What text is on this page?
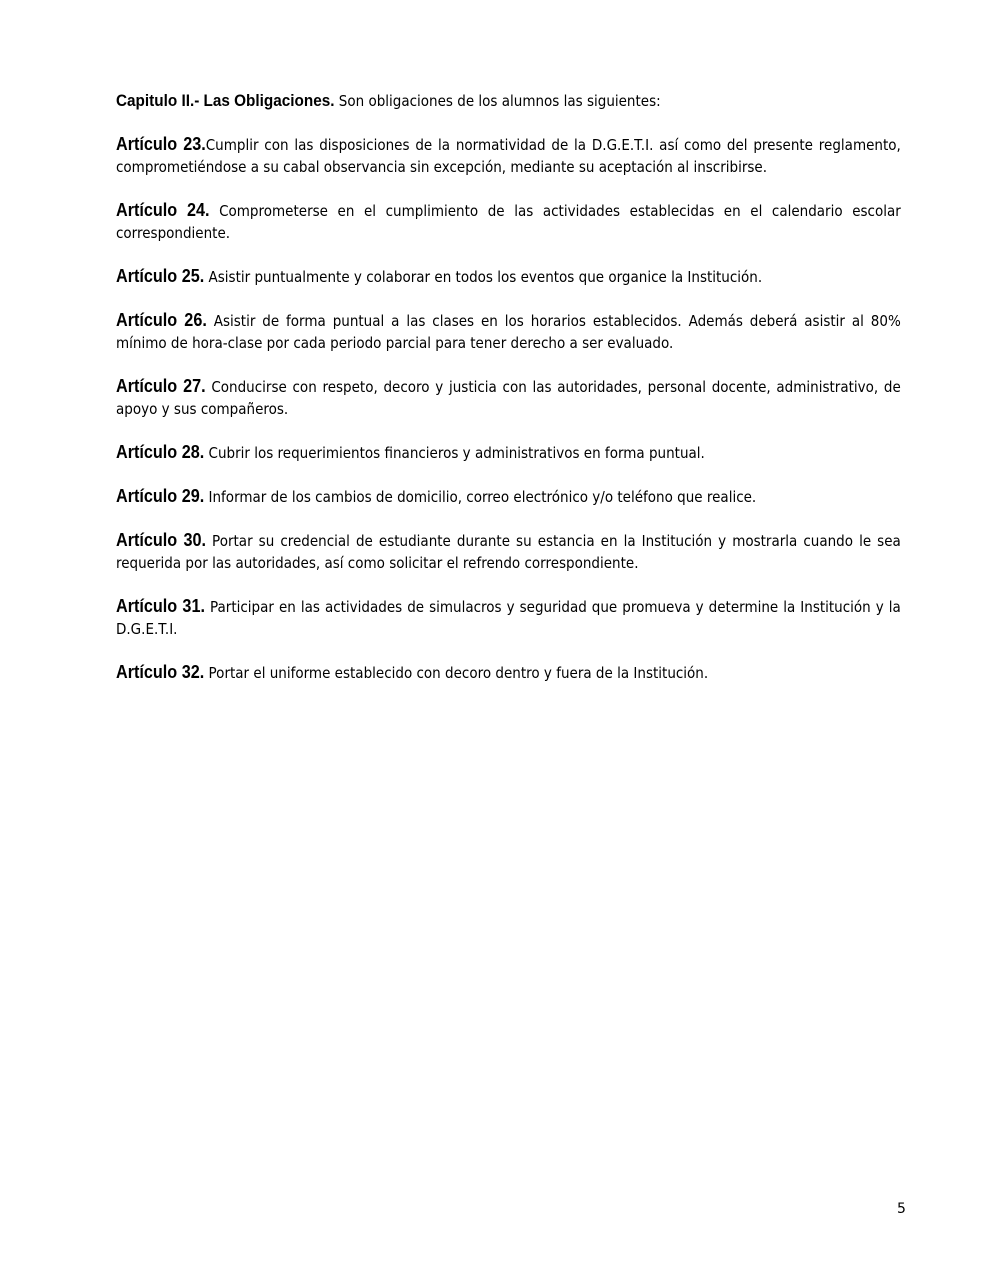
Capitulo II.- Las Obligaciones. Son obligaciones de los alumnos las siguientes:

Artículo 23.Cumplir con las disposiciones de la normatividad de la D.G.E.T.I. así como del presente reglamento, comprometiéndose a su cabal observancia sin excepción, mediante su aceptación al inscribirse.

Artículo 24. Comprometerse en el cumplimiento de las actividades establecidas en el calendario escolar correspondiente.

Artículo 25. Asistir puntualmente y colaborar en todos los eventos que organice la Institución.

Artículo 26. Asistir de forma puntual a las clases en los horarios establecidos. Además deberá asistir al 80% mínimo de hora-clase por cada periodo parcial para tener derecho a ser evaluado.

Artículo 27. Conducirse con respeto, decoro y justicia con las autoridades, personal docente, administrativo, de apoyo y sus compañeros.

Artículo 28. Cubrir los requerimientos financieros y administrativos en forma puntual.

Artículo 29. Informar de los cambios de domicilio, correo electrónico y/o teléfono que realice.

Artículo 30. Portar su credencial de estudiante durante su estancia en la Institución y mostrarla cuando le sea requerida por las autoridades, así como solicitar el refrendo correspondiente.

Artículo 31. Participar en las actividades de simulacros y seguridad que promueva y determine la Institución y la D.G.E.T.I.

Artículo 32. Portar el uniforme establecido con decoro dentro y fuera de la Institución.

5
